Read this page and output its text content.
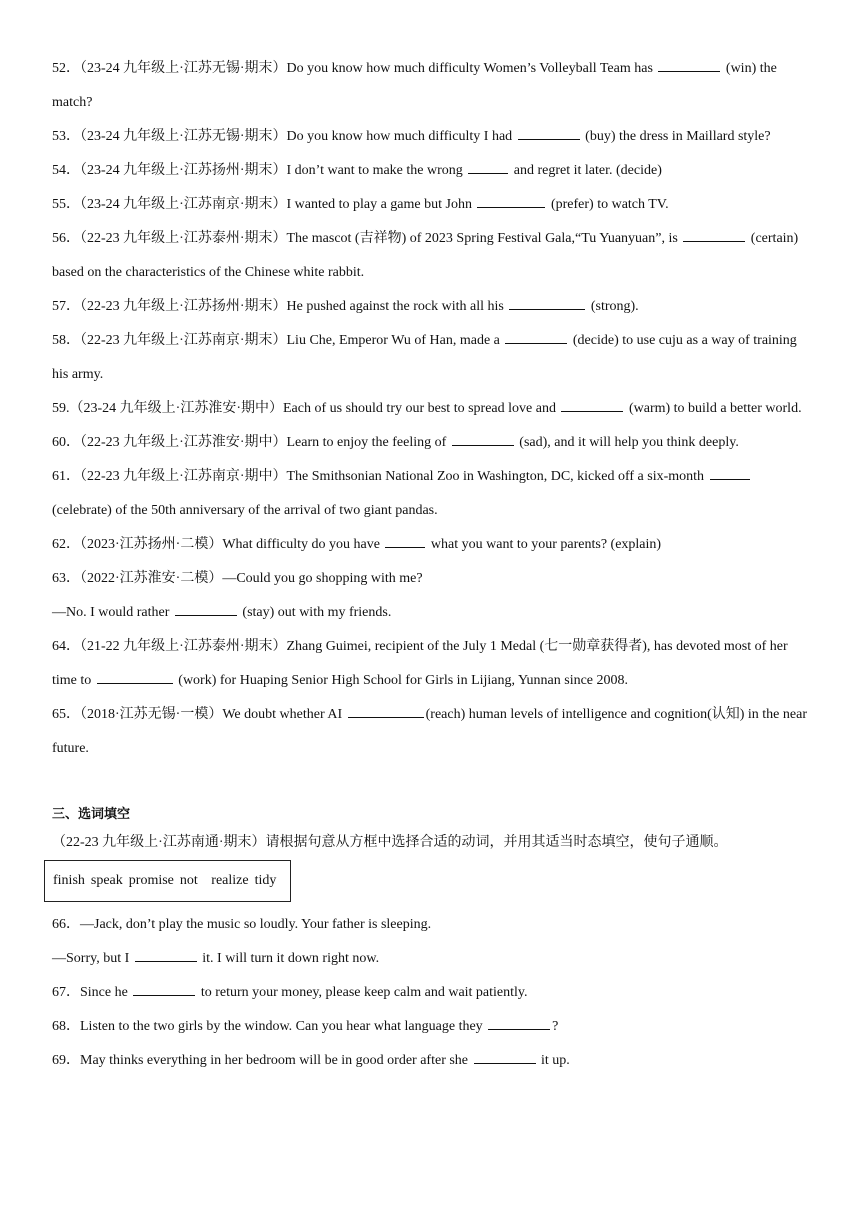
52．（23-24 九年级上·江苏无锡·期末）Do you know how much difficulty Women’s Volleyball Team has	(win) the match?

53．（23-24 九年级上·江苏无锡·期末）Do you know how much difficulty I had	(buy) the dress in Maillard style?

54．（23-24 九年级上·江苏扬州·期末）I don’t want to make the wrong	and regret it later. (decide)

55．（23-24 九年级上·江苏南京·期末）I wanted to play a game but John	(prefer) to watch TV.

56．（22-23 九年级上·江苏泰州·期末）The mascot (吉祥物) of 2023 Spring Festival Gala,“Tu Yuanyuan”, is	(certain) based on the characteristics of the Chinese white rabbit.

57．（22-23 九年级上·江苏扬州·期末）He pushed against the rock with all his	(strong).

58．（22-23 九年级上·江苏南京·期末）Liu Che, Emperor Wu of Han, made a	(decide) to use cuju as a way of training his army.

59.（23-24 九年级上·江苏淮安·期中）Each of us should try our best to spread love and	(warm) to build a better world.

60．（22-23 九年级上·江苏淮安·期中）Learn to enjoy the feeling of	(sad), and it will help you think deeply.

61．（22-23 九年级上·江苏南京·期中）The Smithsonian National Zoo in Washington, DC, kicked off a six-month  (celebrate) of the 50th anniversary of the arrival of two giant pandas.

62．（2023·江苏扬州·二模）What difficulty do you have	what you want to your parents? (explain)

63．（2022·江苏淮安·二模）—Could you go shopping with me?

—No. I would rather	(stay) out with my friends.

64．（21-22 九年级上·江苏泰州·期末）Zhang Guimei, recipient of the July 1 Medal (七一勋章获得者), has devoted most of her time to	(work) for Huaping Senior High School for Girls in Lijiang, Yunnan since 2008.

65．（2018·江苏无锡·一模）We doubt whether AI	(reach) human levels of intelligence and cognition(认知) in the near future.

三、选词填空
（22-23 九年级上·江苏南通·期末）请根据句意从方框中选择合适的动词，并用其适当时态填空，使句子通顺。
finish speak promise not realize tidy

66．—Jack, don’t play the music so loudly. Your father is sleeping.

—Sorry, but I	it. I will turn it down right now.

67．Since he	to return your money, please keep calm and wait patiently.

68．Listen to the two girls by the window. Can you hear what language they	?

69．May thinks everything in her bedroom will be in good order after she	it up.
